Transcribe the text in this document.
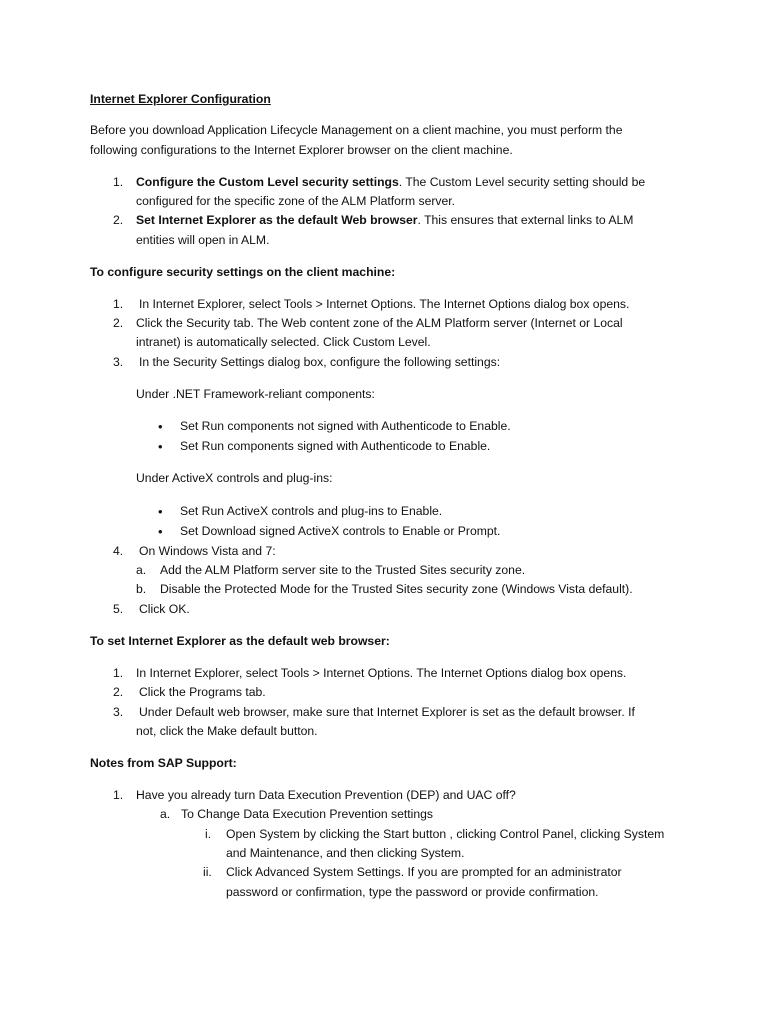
Internet Explorer Configuration
Before you download Application Lifecycle Management on a client machine, you must perform the
following configurations to the Internet Explorer browser on the client machine.
1. Configure the Custom Level security settings. The Custom Level security setting should be
configured for the specific zone of the ALM Platform server.
2. Set Internet Explorer as the default Web browser. This ensures that external links to ALM
entities will open in ALM.
To configure security settings on the client machine:
1. In Internet Explorer, select Tools > Internet Options. The Internet Options dialog box opens.
2. Click the Security tab. The Web content zone of the ALM Platform server (Internet or Local
intranet) is automatically selected. Click Custom Level.
3. In the Security Settings dialog box, configure the following settings:
Under .NET Framework-reliant components:
• Set Run components not signed with Authenticode to Enable.
• Set Run components signed with Authenticode to Enable.
Under ActiveX controls and plug-ins:
• Set Run ActiveX controls and plug-ins to Enable.
• Set Download signed ActiveX controls to Enable or Prompt.
4. On Windows Vista and 7:
a. Add the ALM Platform server site to the Trusted Sites security zone.
b. Disable the Protected Mode for the Trusted Sites security zone (Windows Vista default).
5. Click OK.
To set Internet Explorer as the default web browser:
1. In Internet Explorer, select Tools > Internet Options. The Internet Options dialog box opens.
2. Click the Programs tab.
3. Under Default web browser, make sure that Internet Explorer is set as the default browser. If
not, click the Make default button.
Notes from SAP Support:
1. Have you already turn Data Execution Prevention (DEP) and UAC off?
a. To Change Data Execution Prevention settings
i. Open System by clicking the Start button , clicking Control Panel, clicking System
and Maintenance, and then clicking System.
ii. Click Advanced System Settings. If you are prompted for an administrator
password or confirmation, type the password or provide confirmation.
